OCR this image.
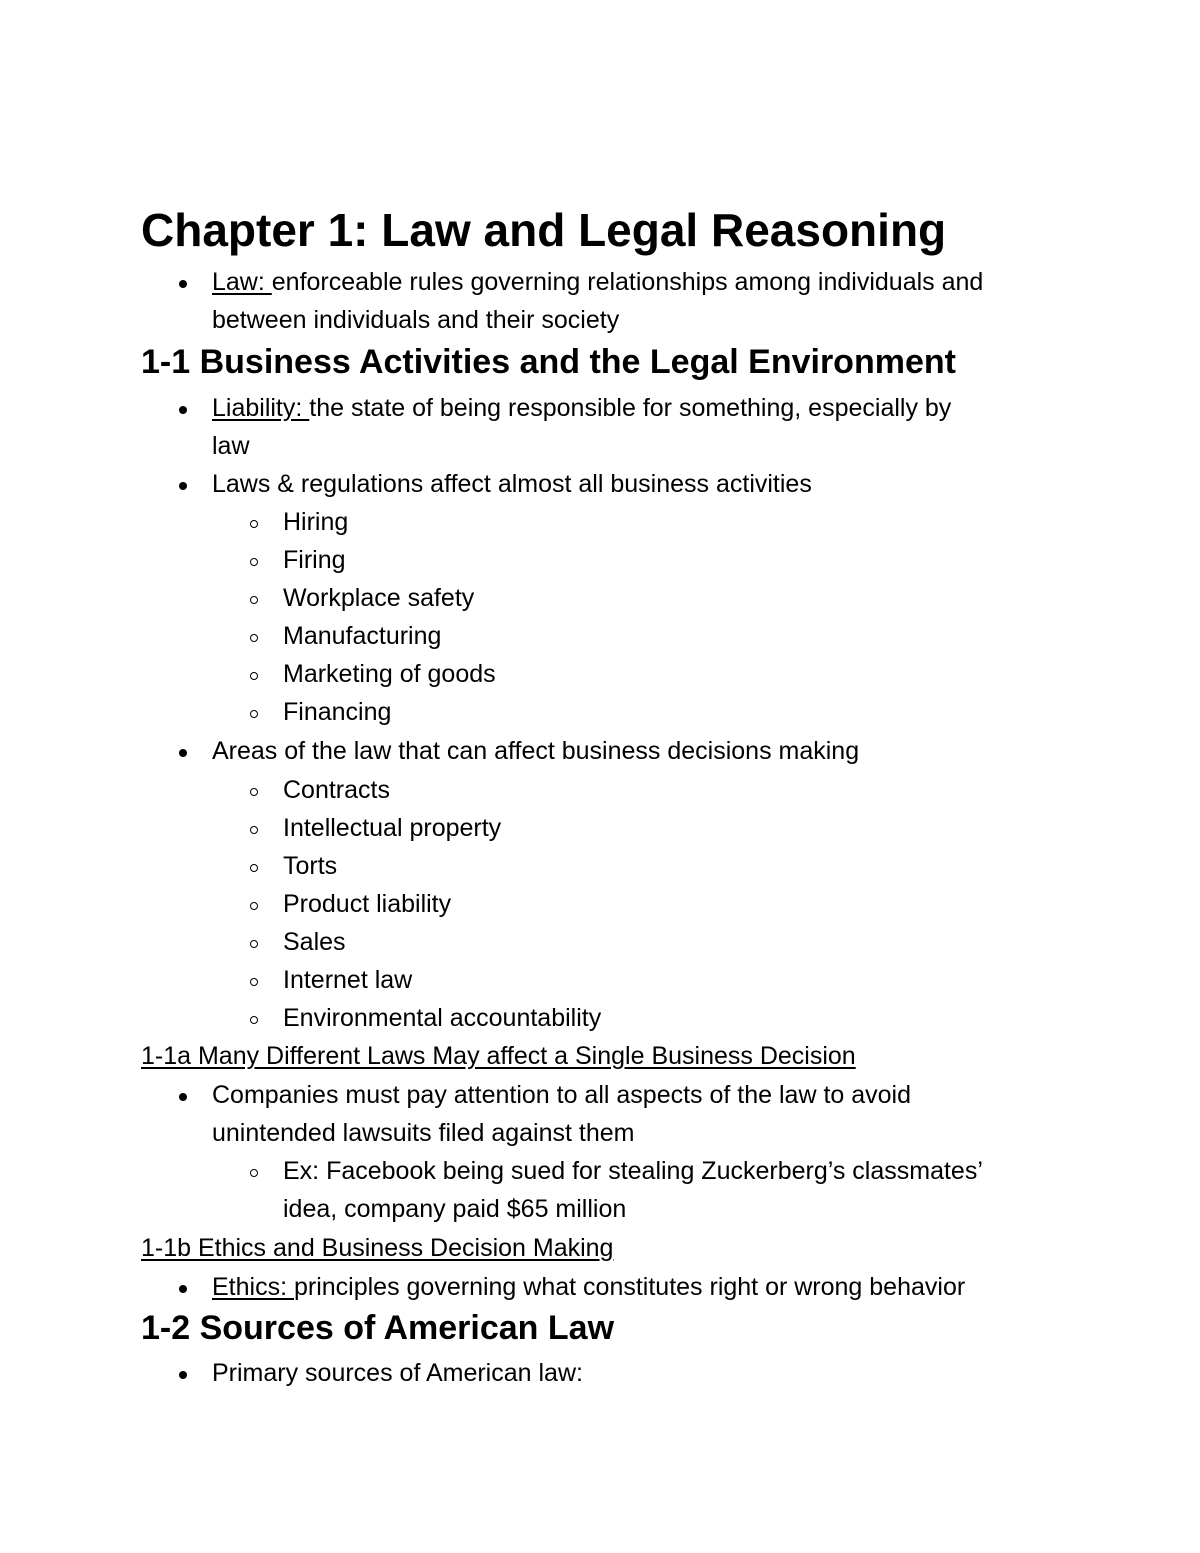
Chapter 1: Law and Legal Reasoning
Law: enforceable rules governing relationships among individuals and
between individuals and their society
1-1 Business Activities and the Legal Environment
Liability: the state of being responsible for something, especially by
law
Laws & regulations affect almost all business activities
Hiring
Firing
Workplace safety
Manufacturing
Marketing of goods
Financing
Areas of the law that can affect business decisions making
Contracts
Intellectual property
Torts
Product liability
Sales
Internet law
Environmental accountability
1-1a Many Different Laws May affect a Single Business Decision
Companies must pay attention to all aspects of the law to avoid
unintended lawsuits filed against them
Ex: Facebook being sued for stealing Zuckerberg’s classmates’
idea, company paid $65 million
1-1b Ethics and Business Decision Making
Ethics: principles governing what constitutes right or wrong behavior
1-2 Sources of American Law
Primary sources of American law:
